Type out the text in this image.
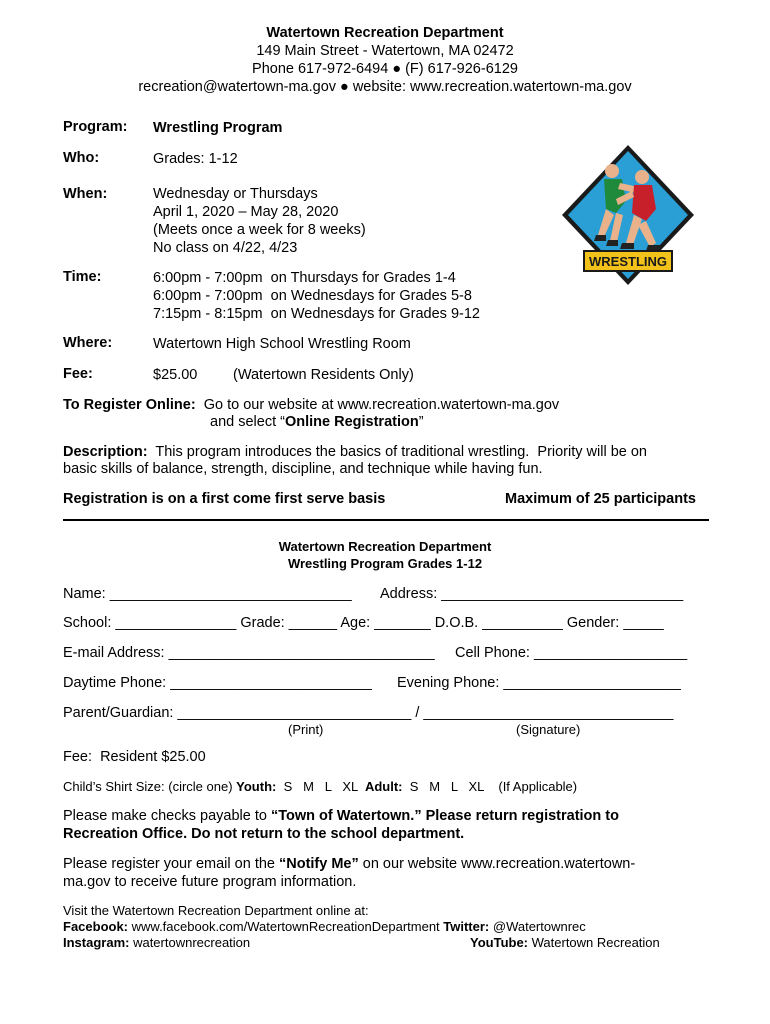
Watertown Recreation Department
149 Main Street - Watertown, MA 02472
Phone 617-972-6494 ● (F) 617-926-6129
recreation@watertown-ma.gov ● website: www.recreation.watertown-ma.gov
Program: Wrestling Program
Who:	Grades: 1-12
When:	Wednesday or Thursdays
April 1, 2020 – May 28, 2020
(Meets once a week for 8 weeks)
No class on 4/22, 4/23
Time:	6:00pm - 7:00pm  on Thursdays for Grades 1-4
6:00pm - 7:00pm  on Wednesdays for Grades 5-8
7:15pm - 8:15pm  on Wednesdays for Grades 9-12
Where:	Watertown High School Wrestling Room
Fee:	$25.00 (Watertown Residents Only)
WRESTLING
To Register Online: Go to our website at www.recreation.watertown-ma.gov
and select “Online Registration”
Description: This program introduces the basics of traditional wrestling.  Priority will be on
basic skills of balance, strength, discipline, and technique while having fun.
Registration is on a first come first serve basis	Maximum of 25 participants
Watertown Recreation Department
Wrestling Program Grades 1-12
Name: ______________________________ Address: ______________________________
School: _______________ Grade: ______ Age: _______ D.O.B. __________ Gender: _____
E-mail Address: _________________________________ Cell Phone: ___________________
Daytime Phone: _________________________ Evening Phone: ______________________
Parent/Guardian: _____________________________ / _______________________________
(Print)	(Signature)
Fee:  Resident $25.00
Child’s Shirt Size: (circle one) Youth:  S   M   L   XL  Adult:  S   M   L   XL    (If Applicable)
Please make checks payable to “Town of Watertown.” Please return registration to
Recreation Office. Do not return to the school department.
Please register your email on the “Notify Me” on our website www.recreation.watertown-
ma.gov to receive future program information.
Visit the Watertown Recreation Department online at:
Facebook: www.facebook.com/WatertownRecreationDepartment Twitter: @Watertownrec
Instagram: watertownrecreation	YouTube: Watertown Recreation
